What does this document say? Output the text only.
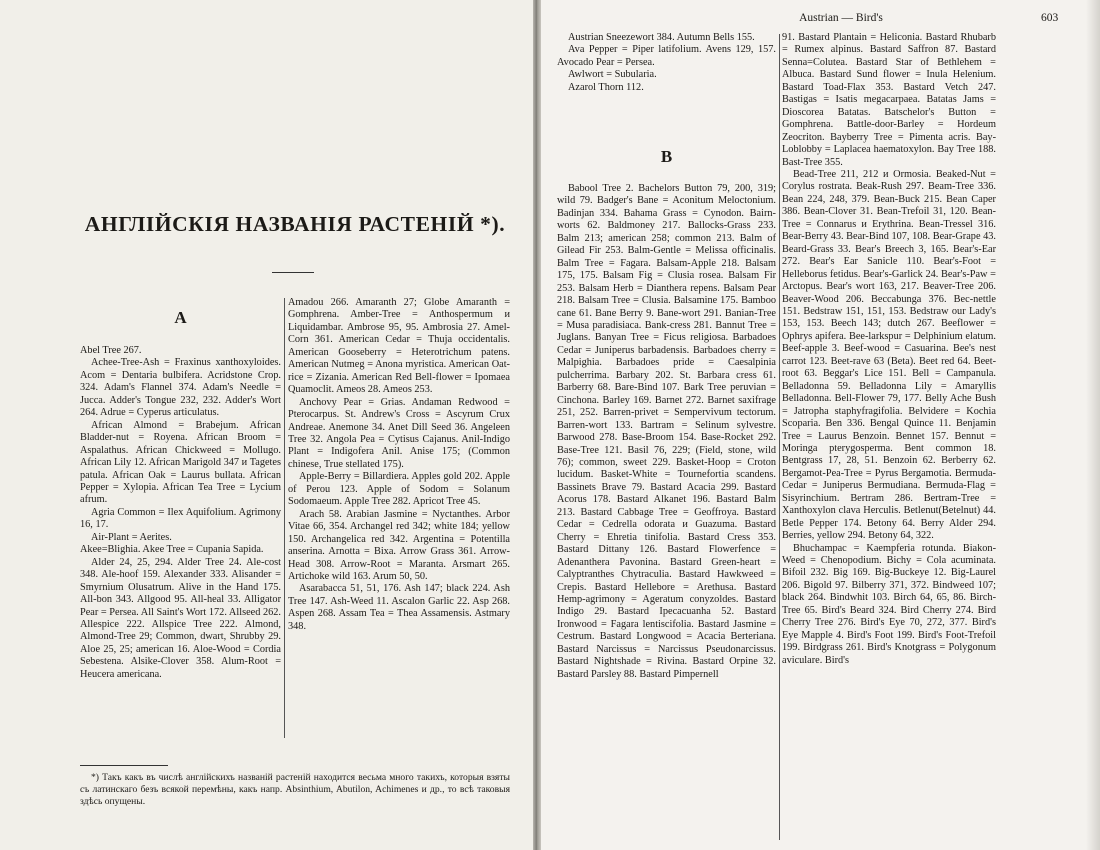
АНГЛІЙСКІЯ НАЗВАНІЯ РАСТЕНІЙ *).

Abel Tree 267.

Achee-Tree-Ash = Fraxinus xanthoxyloides. Acom = Dentaria bulbifera. Acridstone Crop. 324. Adam's Flannel 374. Adam's Needle = Jucca. Adder's Tongue 232, 232. Adder's Wort 264. Adrue = Cyperus articulatus.

African Almond = Brabejum. African Bladder-nut = Royena. African Broom = Aspalathus. African Chickweed = Mollugo. African Lily 12. African Marigold 347 и Tagetes patula. African Oak = Laurus bullata. African Pepper = Xylopia. African Tea Tree = Lycium afrum.

Agria Common = Ilex Aquifolium. Agrimony 16, 17.

Air-Plant = Aerites.

Akee=Blighia. Akee Tree = Cupania Sapida.

Alder 24, 25, 294. Alder Tree 24. Ale-cost 348. Ale-hoof 159. Alexander 333. Alisander = Smyrnium Olusatrum. Alive in the Hand 175. All-bon 343. Allgood 95. All-heal 33. Alligator Pear = Persea. All Saint's Wort 172. Allseed 262. Allespice 222. Allspice Tree 222. Almond, Almond-Tree 29; Common, dwart, Shrubby 29. Aloe 25, 25; american 16. Aloe-Wood = Cordia Sebestena. Alsike-Clover 358. Alum-Root = Heucera americana.

A

Amadou 266. Amaranth 27; Globe Amaranth = Gomphrena. Amber-Tree = Anthospermum и Liquidambar. Ambrose 95, 95. Ambrosia 27. Amel-Corn 361. American Cedar = Thuja occidentalis. American Gooseberry = Heterotrichum patens. American Nutmeg = Anona myristica. American Oat-rice = Zizania. American Red Bell-flower = Ipomaea Quamoclit. Ameos 28. Ameos 253.

Anchovy Pear = Grias. Andaman Redwood = Pterocarpus. St. Andrew's Cross = Ascyrum Crux Andreae. Anemone 34. Anet Dill Seed 36. Angeleen Tree 32. Angola Pea = Cytisus Cajanus. Anil-Indigo Plant = Indigofera Anil. Anise 175; (Common chinese, True stellated 175).

Apple-Berry = Billardiera. Apples gold 202. Apple of Perou 123. Apple of Sodom = Solanum Sodomaeum. Apple Tree 282. Apricot Tree 45.

Arach 58. Arabian Jasmine = Nyctanthes. Arbor Vitae 66, 354. Archangel red 342; white 184; yellow 150. Archangelica red 342. Argentina = Potentilla anserina. Arnotta = Bixa. Arrow Grass 361. Arrow-Head 308. Arrow-Root = Maranta. Arsmart 265. Artichoke wild 163. Arum 50, 50.

Asarabacca 51, 51, 176. Ash 147; black 224. Ash Tree 147. Ash-Weed 11. Ascalon Garlic 22. Asp 268. Aspen 268. Assam Tea = Thea Assamensis. Astmary 348.

*) Такъ какъ въ числѣ англійскихъ названій растеній находится весьма много такихъ, которыя взяты съ латинскаго безъ всякой перемѣны, какъ напр. Absinthium, Abutilon, Achimenes и др., то всѣ таковыя здѣсь опущены.

Austrian — Bird's	603

Austrian Sneezewort 384. Autumn Bells 155.

Ava Pepper = Piper latifolium. Avens 129, 157. Avocado Pear = Persea.

Awlwort = Subularia.

Azarol Thorn 112.

B

Babool Tree 2. Bachelors Button 79, 200, 319; wild 79. Badger's Bane = Aconitum Meloctonium. Badinjan 334. Bahama Grass = Cynodon. Bairn-worts 62. Baldmoney 217. Ballocks-Grass 233. Balm 213; american 258; common 213. Balm of Gilead Fir 253. Balm-Gentle = Melissa officinalis. Balm Tree = Fagara. Balsam-Apple 218. Balsam 175, 175. Balsam Fig = Clusia rosea. Balsam Fir 253. Balsam Herb = Dianthera repens. Balsam Pear 218. Balsam Tree = Clusia. Balsamine 175. Bamboo cane 61. Bane Berry 9. Bane-wort 291. Banian-Tree = Musa paradisiaca. Bank-cress 281. Bannut Tree = Juglans. Banyan Tree = Ficus religiosa. Barbadoes Cedar = Juniperus barbadensis. Barbadoes cherry = Malpighia. Barbadoes pride = Caesalpinia pulcherrima. Barbary 202. St. Barbara cress 61. Barberry 68. Bare-Bind 107. Bark Tree peruvian = Cinchona. Barley 169. Barnet 272. Barnet saxifrage 251, 252. Barren-privet = Sempervivum tectorum. Barren-wort 133. Bartram = Selinum sylvestre. Barwood 278. Base-Broom 154. Base-Rocket 292. Base-Tree 121. Basil 76, 229; (Field, stone, wild 76); common, sweet 229. Basket-Hoop = Croton lucidum. Basket-White = Tournefortia scandens. Bassinets Brave 79. Bastard Acacia 299. Bastard Acorus 178. Bastard Alkanet 196. Bastard Balm 213. Bastard Cabbage Tree = Geoffroya. Bastard Cedar = Cedrella odorata и Guazuma. Bastard Cherry = Ehretia tinifolia. Bastard Cress 353. Bastard Dittany 126. Bastard Flowerfence = Adenanthera Pavonina. Bastard Green-heart = Calyptranthes Chytraculia. Bastard Hawkweed = Crepis. Bastard Hellebore = Arethusa. Bastard Hemp-agrimony = Ageratum conyzoldes. Bastard Indigo 29. Bastard Ipecacuanha 52. Bastard Ironwood = Fagara lentiscifolia. Bastard Jasmine = Cestrum. Bastard Longwood = Acacia Berteriana. Bastard Narcissus = Narcissus Pseudonarcissus. Bastard Nightshade = Rivina. Bastard Orpine 32. Bastard Parsley 88. Bastard Pimpernell

91. Bastard Plantain = Heliconia. Bastard Rhubarb = Rumex alpinus. Bastard Saffron 87. Bastard Senna=Colutea. Bastard Star of Bethlehem = Albuca. Bastard Sund flower = Inula Helenium. Bastard Toad-Flax 353. Bastard Vetch 247. Bastigas = Isatis megacarpaea. Batatas Jams = Dioscorea Batatas. Batschelor's Button = Gomphrena. Battle-door-Barley = Hordeum Zeocriton. Bayberry Tree = Pimenta acris. Bay-Loblobby = Laplacea haematoxylon. Bay Tree 188. Bast-Tree 355.

Bead-Tree 211, 212 и Ormosia. Beaked-Nut = Corylus rostrata. Beak-Rush 297. Beam-Tree 336. Bean 224, 248, 379. Bean-Buck 215. Bean Caper 386. Bean-Clover 31. Bean-Trefoil 31, 120. Bean-Tree = Connarus и Erythrina. Bean-Tressel 316. Bear-Berry 43. Bear-Bind 107, 108. Bear-Grape 43. Beard-Grass 33. Bear's Breech 3, 165. Bear's-Ear 272. Bear's Ear Sanicle 110. Bear's-Foot = Helleborus fetidus. Bear's-Garlick 24. Bear's-Paw = Arctopus. Bear's wort 163, 217. Beaver-Tree 206. Beaver-Wood 206. Beccabunga 376. Bec-nettle 151. Bedstraw 151, 151, 153. Bedstraw our Lady's 153, 153. Beech 143; dutch 267. Beeflower = Ophrys apifera. Bee-larkspur = Delphinium elatum. Beef-apple 3. Beef-wood = Casuarina. Bee's nest carrot 123. Beet-rave 63 (Beta). Beet red 64. Beet-root 63. Beggar's Lice 151. Bell = Campanula. Belladonna 59. Belladonna Lily = Amaryllis Belladonna. Bell-Flower 79, 177. Belly Ache Bush = Jatropha staphyfragifolia. Belvidere = Kochia Scoparia. Ben 336. Bengal Quince 11. Benjamin Tree = Laurus Benzoin. Bennet 157. Bennut = Moringa pterygosperma. Bent common 18. Bentgrass 17, 28, 51. Benzoin 62. Berberry 62. Bergamot-Pea-Tree = Pyrus Bergamotia. Bermuda-Cedar = Juniperus Bermudiana. Bermuda-Flag = Sisyrinchium. Bertram 286. Bertram-Tree = Xanthoxylon clava Herculis. Betlenut(Betelnut) 44. Betle Pepper 174. Betony 64. Berry Alder 294. Berries, yellow 294. Betony 64, 322.

Bhuchampac = Kaempferia rotunda. Biakon-Weed = Chenopodium. Bichy = Cola acuminata. Bifoil 232. Big 169. Big-Buckeye 12. Big-Laurel 206. Bigold 97. Bilberry 371, 372. Bindweed 107; black 264. Bindwhit 103. Birch 64, 65, 86. Birch-Tree 65. Bird's Beard 324. Bird Cherry 274. Bird Cherry Tree 276. Bird's Eye 70, 272, 377. Bird's Eye Mapple 4. Bird's Foot 199. Bird's Foot-Trefoil 199. Birdgrass 261. Bird's Knotgrass = Polygonum aviculare. Bird's
